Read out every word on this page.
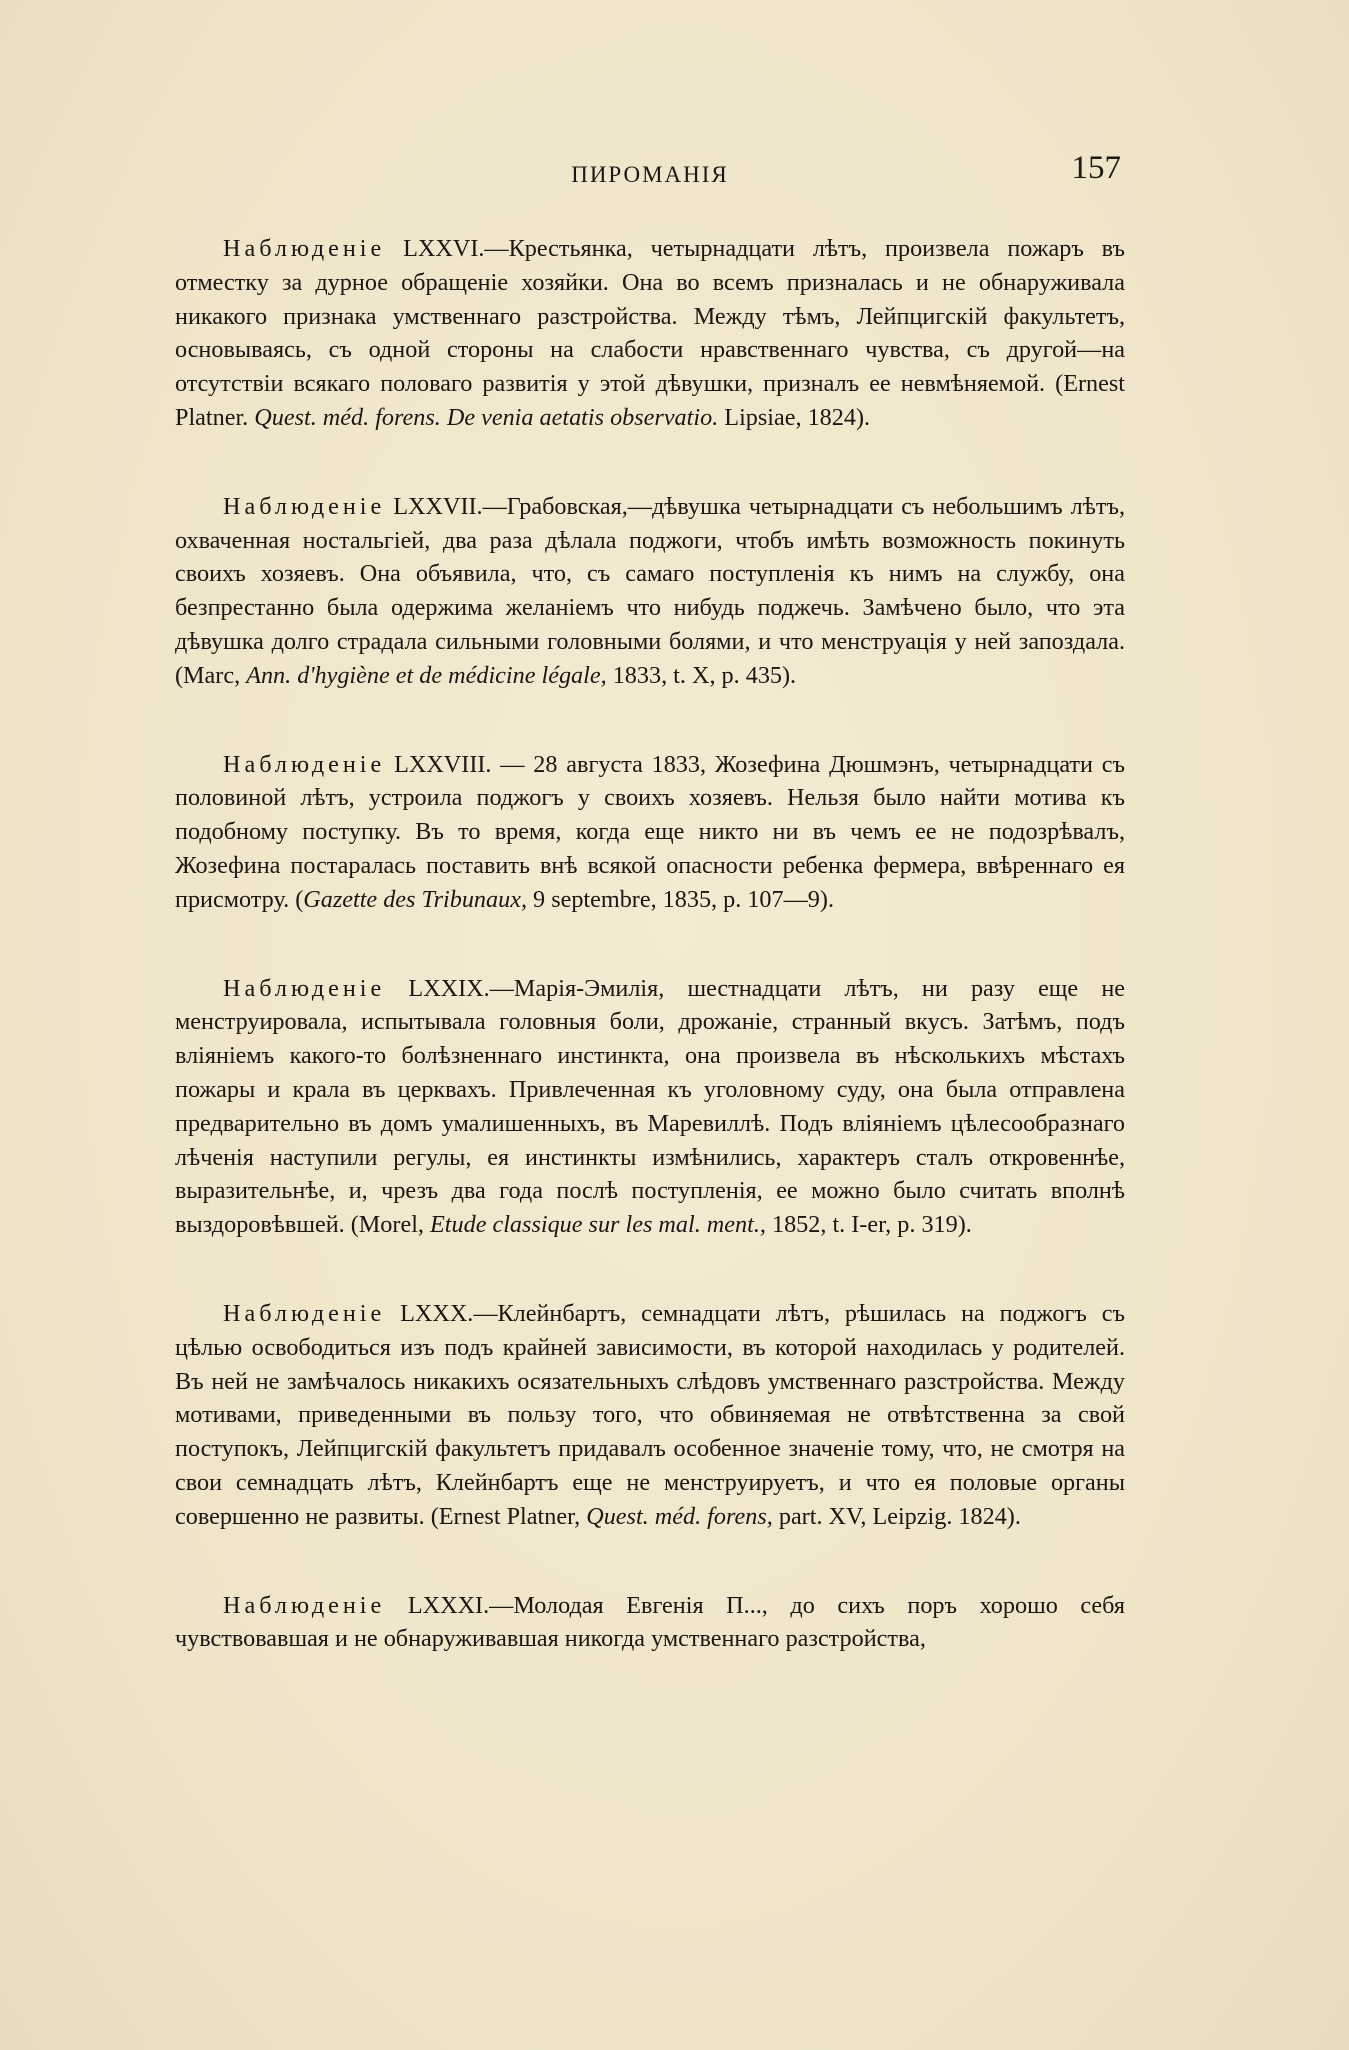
ПИРОМАНІЯ	157

Наблюденіе LXXVI.—Крестьянка, четырнадцати лѣтъ, произвела пожаръ въ отместку за дурное обращеніе хозяйки. Она во всемъ призналась и не обнаруживала никакого признака умственнаго разстройства. Между тѣмъ, Лейпцигскій факультетъ, основываясь, съ одной стороны на слабости нравственнаго чувства, съ другой—на отсутствіи всякаго половаго развитія у этой дѣвушки, призналъ ее невмѣняемой. (Ernest Platner. Quest. méd. forens. De venia aetatis observatio. Lipsiae, 1824).

Наблюденіе LXXVII.—Грабовская,—дѣвушка четырнадцати съ небольшимъ лѣтъ, охваченная ностальгіей, два раза дѣлала поджоги, чтобъ имѣть возможность покинуть своихъ хозяевъ. Она объявила, что, съ самаго поступленія къ нимъ на службу, она безпрестанно была одержима желаніемъ что нибудь поджечь. Замѣчено было, что эта дѣвушка долго страдала сильными головными болями, и что менструація у ней запоздала. (Marc, Ann. d'hygiène et de médicine légale, 1833, t. X, p. 435).

Наблюденіе LXXVIII. — 28 августа 1833, Жозефина Дюшмэнъ, четырнадцати съ половиной лѣтъ, устроила поджогъ у своихъ хозяевъ. Нельзя было найти мотива къ подобному поступку. Въ то время, когда еще никто ни въ чемъ ее не подозрѣвалъ, Жозефина постаралась поставить внѣ всякой опасности ребенка фермера, ввѣреннаго ея присмотру. (Gazette des Tribunaux, 9 septembre, 1835, p. 107—9).

Наблюденіе LXXIX.—Марія-Эмилія, шестнадцати лѣтъ, ни разу еще не менструировала, испытывала головныя боли, дрожаніе, странный вкусъ. Затѣмъ, подъ вліяніемъ какого-то болѣзненнаго инстинкта, она произвела въ нѣсколькихъ мѣстахъ пожары и крала въ церквахъ. Привлеченная къ уголовному суду, она была отправлена предварительно въ домъ умалишенныхъ, въ Маревиллѣ. Подъ вліяніемъ цѣлесообразнаго лѣченія наступили регулы, ея инстинкты измѣнились, характеръ сталъ откровеннѣе, выразительнѣе, и, чрезъ два года послѣ поступленія, ее можно было считать вполнѣ выздоровѣвшей. (Morel, Etude classique sur les mal. ment., 1852, t. I-er, p. 319).

Наблюденіе LXXX.—Клейнбартъ, семнадцати лѣтъ, рѣшилась на поджогъ съ цѣлью освободиться изъ подъ крайней зависимости, въ которой находилась у родителей. Въ ней не замѣчалось никакихъ осязательныхъ слѣдовъ умственнаго разстройства. Между мотивами, приведенными въ пользу того, что обвиняемая не отвѣтственна за свой поступокъ, Лейпцигскій факультетъ придавалъ особенное значеніе тому, что, не смотря на свои семнадцать лѣтъ, Клейнбартъ еще не менструируетъ, и что ея половые органы совершенно не развиты. (Ernest Platner, Quest. méd. forens, part. XV, Leipzig. 1824).

Наблюденіе LXXXI.—Молодая Евгенія П..., до сихъ поръ хорошо себя чувствовавшая и не обнаруживавшая никогда умственнаго разстройства,
